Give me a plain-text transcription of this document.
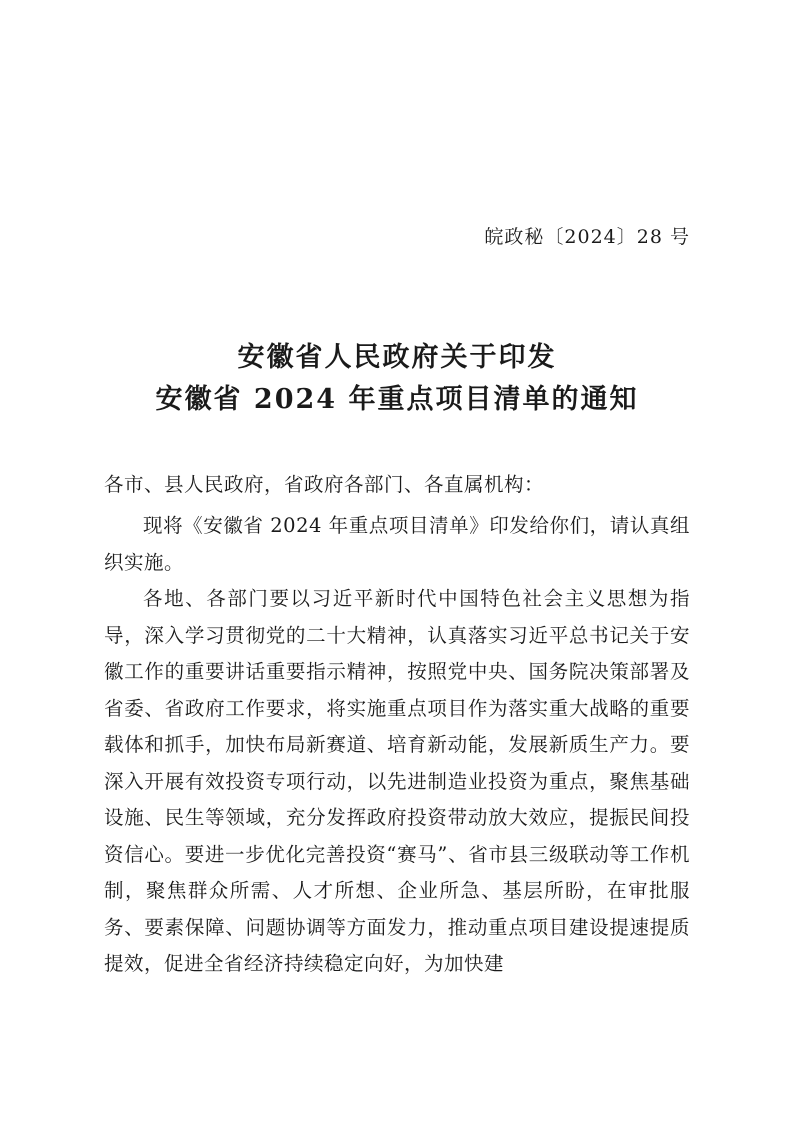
皖政秘〔2024〕28 号
安徽省人民政府关于印发
安徽省 2024 年重点项目清单的通知
各市、县人民政府，省政府各部门、各直属机构：
现将《安徽省 2024 年重点项目清单》印发给你们，请认真组织实施。
各地、各部门要以习近平新时代中国特色社会主义思想为指导，深入学习贯彻党的二十大精神，认真落实习近平总书记关于安徽工作的重要讲话重要指示精神，按照党中央、国务院决策部署及省委、省政府工作要求，将实施重点项目作为落实重大战略的重要载体和抓手，加快布局新赛道、培育新动能，发展新质生产力。要深入开展有效投资专项行动，以先进制造业投资为重点，聚焦基础设施、民生等领域，充分发挥政府投资带动放大效应，提振民间投资信心。要进一步优化完善投资“赛马”、省市县三级联动等工作机制，聚焦群众所需、人才所想、企业所急、基层所盼，在审批服务、要素保障、问题协调等方面发力，推动重点项目建设提速提质提效，促进全省经济持续稳定向好，为加快建
